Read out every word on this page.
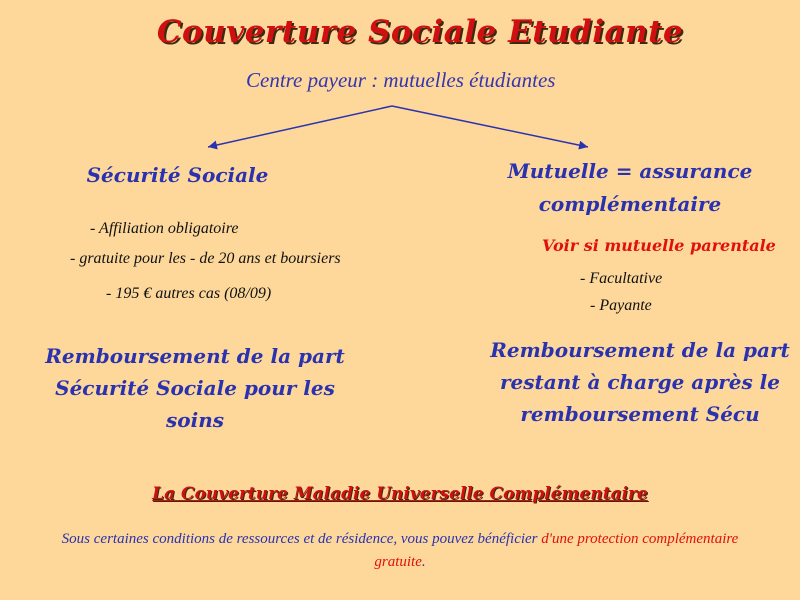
Couverture Sociale Etudiante
Centre payeur : mutuelles étudiantes
Sécurité Sociale
- Affiliation obligatoire
- gratuite pour les - de 20 ans et boursiers
- 195 € autres cas (08/09)
Remboursement de la part
Sécurité Sociale pour les
soins
Mutuelle = assurance
complémentaire
Voir si mutuelle parentale
- Facultative
- Payante
Remboursement de la part
restant à charge après le
remboursement Sécu
La Couverture Maladie Universelle Complémentaire
Sous certaines conditions de ressources et de résidence, vous pouvez bénéficier d'une protection complémentaire gratuite.
